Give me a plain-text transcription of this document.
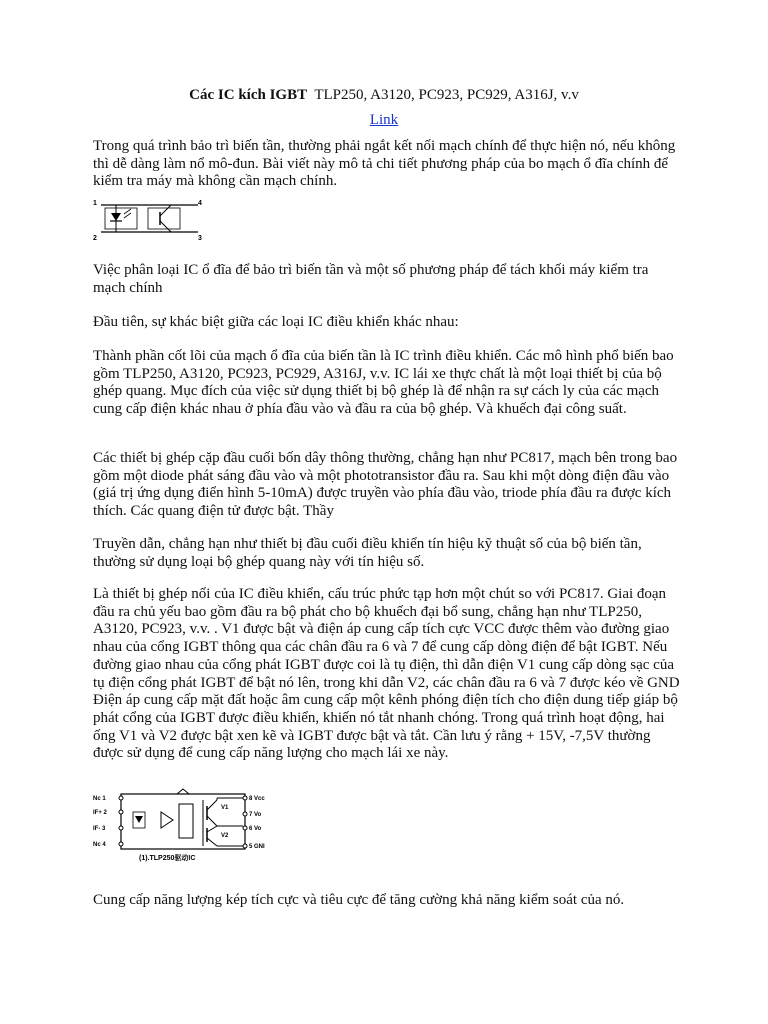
Các IC kích IGBT TLP250, A3120, PC923, PC929, A316J, v.v
Link

Trong quá trình bảo trì biến tần, thường phải ngắt kết nối mạch chính để thực hiện nó, nếu không thì dễ dàng làm nổ mô-đun. Bài viết này mô tả chi tiết phương pháp của bo mạch ổ đĩa chính để kiểm tra máy mà không cần mạch chính.

1
2
4
3

Việc phân loại IC ổ đĩa để bảo trì biến tần và một số phương pháp để tách khối máy kiểm tra mạch chính

Đầu tiên, sự khác biệt giữa các loại IC điều khiển khác nhau:

Thành phần cốt lõi của mạch ổ đĩa của biến tần là IC trình điều khiển. Các mô hình phổ biến bao gồm TLP250, A3120, PC923, PC929, A316J, v.v. IC lái xe thực chất là một loại thiết bị của bộ ghép quang. Mục đích của việc sử dụng thiết bị bộ ghép là để nhận ra sự cách ly của các mạch cung cấp điện khác nhau ở phía đầu vào và đầu ra của bộ ghép. Và khuếch đại công suất.

Các thiết bị ghép cặp đầu cuối bốn dây thông thường, chẳng hạn như PC817, mạch bên trong bao gồm một diode phát sáng đầu vào và một phototransistor đầu ra. Sau khi một dòng điện đầu vào (giá trị ứng dụng điển hình 5-10mA) được truyền vào phía đầu vào, triode phía đầu ra được kích thích. Các quang điện tử được bật. Thầy

Truyền dẫn, chẳng hạn như thiết bị đầu cuối điều khiển tín hiệu kỹ thuật số của bộ biến tần, thường sử dụng loại bộ ghép quang này với tín hiệu số.

Là thiết bị ghép nối của IC điều khiển, cấu trúc phức tạp hơn một chút so với PC817. Giai đoạn đầu ra chủ yếu bao gồm đầu ra bộ phát cho bộ khuếch đại bổ sung, chẳng hạn như TLP250, A3120, PC923, v.v. . V1 được bật và điện áp cung cấp tích cực VCC được thêm vào đường giao nhau của cổng IGBT thông qua các chân đầu ra 6 và 7 để cung cấp dòng điện để bật IGBT. Nếu đường giao nhau của cổng phát IGBT được coi là tụ điện, thì dẫn điện V1 cung cấp dòng sạc của tụ điện cổng phát IGBT để bật nó lên, trong khi dẫn V2, các chân đầu ra 6 và 7 được kéo về GND Điện áp cung cấp mặt đất hoặc âm cung cấp một kênh phóng điện tích cho điện dung tiếp giáp bộ phát cổng của IGBT được điều khiển, khiến nó tắt nhanh chóng. Trong quá trình hoạt động, hai ống V1 và V2 được bật xen kẽ và IGBT được bật và tắt. Cần lưu ý rằng + 15V, -7,5V thường được sử dụng để cung cấp năng lượng cho mạch lái xe này.

Nc 1
IF+ 2
IF- 3
Nc 4
8 Vcc
7 Vo
6 Vo
5 GNI
V1
V2
(1).TLP250驱动IC

Cung cấp năng lượng kép tích cực và tiêu cực để tăng cường khả năng kiểm soát của nó.
